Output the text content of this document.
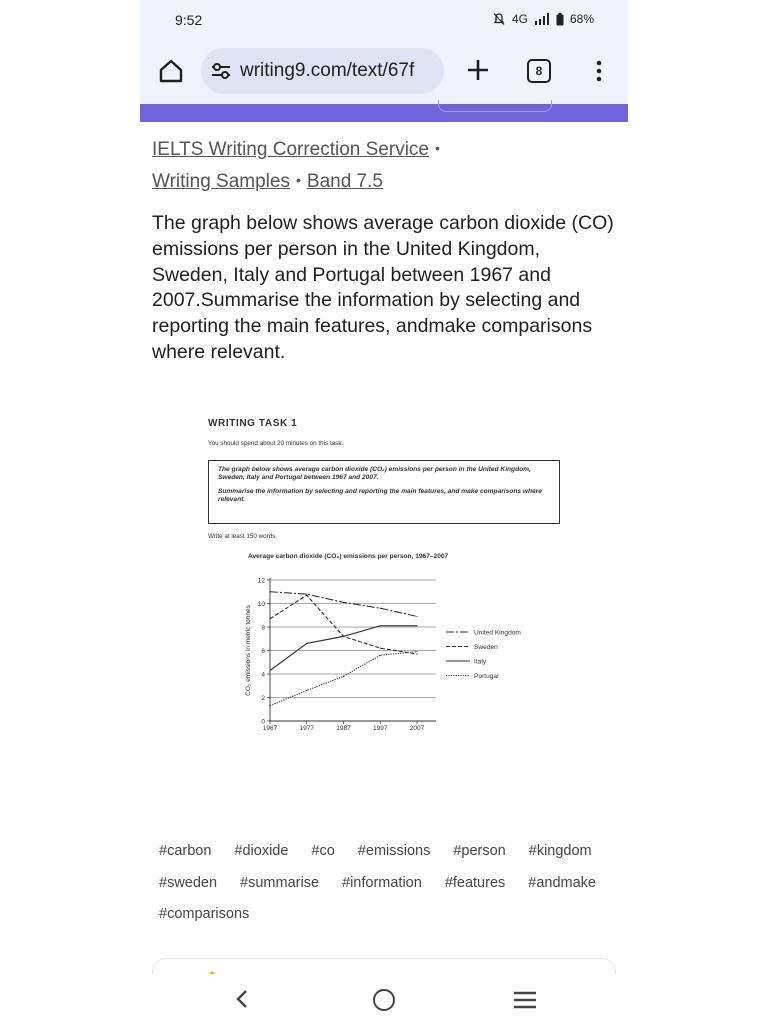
9:52	4G	68%
writing9.com/text/67f	8
IELTS Writing Correction Service •
Writing Samples • Band 7.5

The graph below shows average carbon dioxide (CO) emissions per person in the United Kingdom, Sweden, Italy and Portugal between 1967 and 2007.Summarise the information by selecting and reporting the main features, andmake comparisons where relevant.

WRITING TASK 1
You should spend about 20 minutes on this task.

The graph below shows average carbon dioxide (CO₂) emissions per person in the United Kingdom, Sweden, Italy and Portugal between 1967 and 2007.

Summarise the information by selecting and reporting the main features, and make comparisons where relevant.

Write at least 150 words.
Average carbon dioxide (CO₂) emissions per person, 1967–2007
0
2
4
6
8
10
12
1967	1977	1987	1997	2007
CO₂ emissions in metric tonnes	United Kingdom
Sweden
Italy
Portugal
#carbon	#dioxide	#co	#emissions	#person	#kingdom
#sweden	#summarise	#information	#features	#andmake
#comparisons
